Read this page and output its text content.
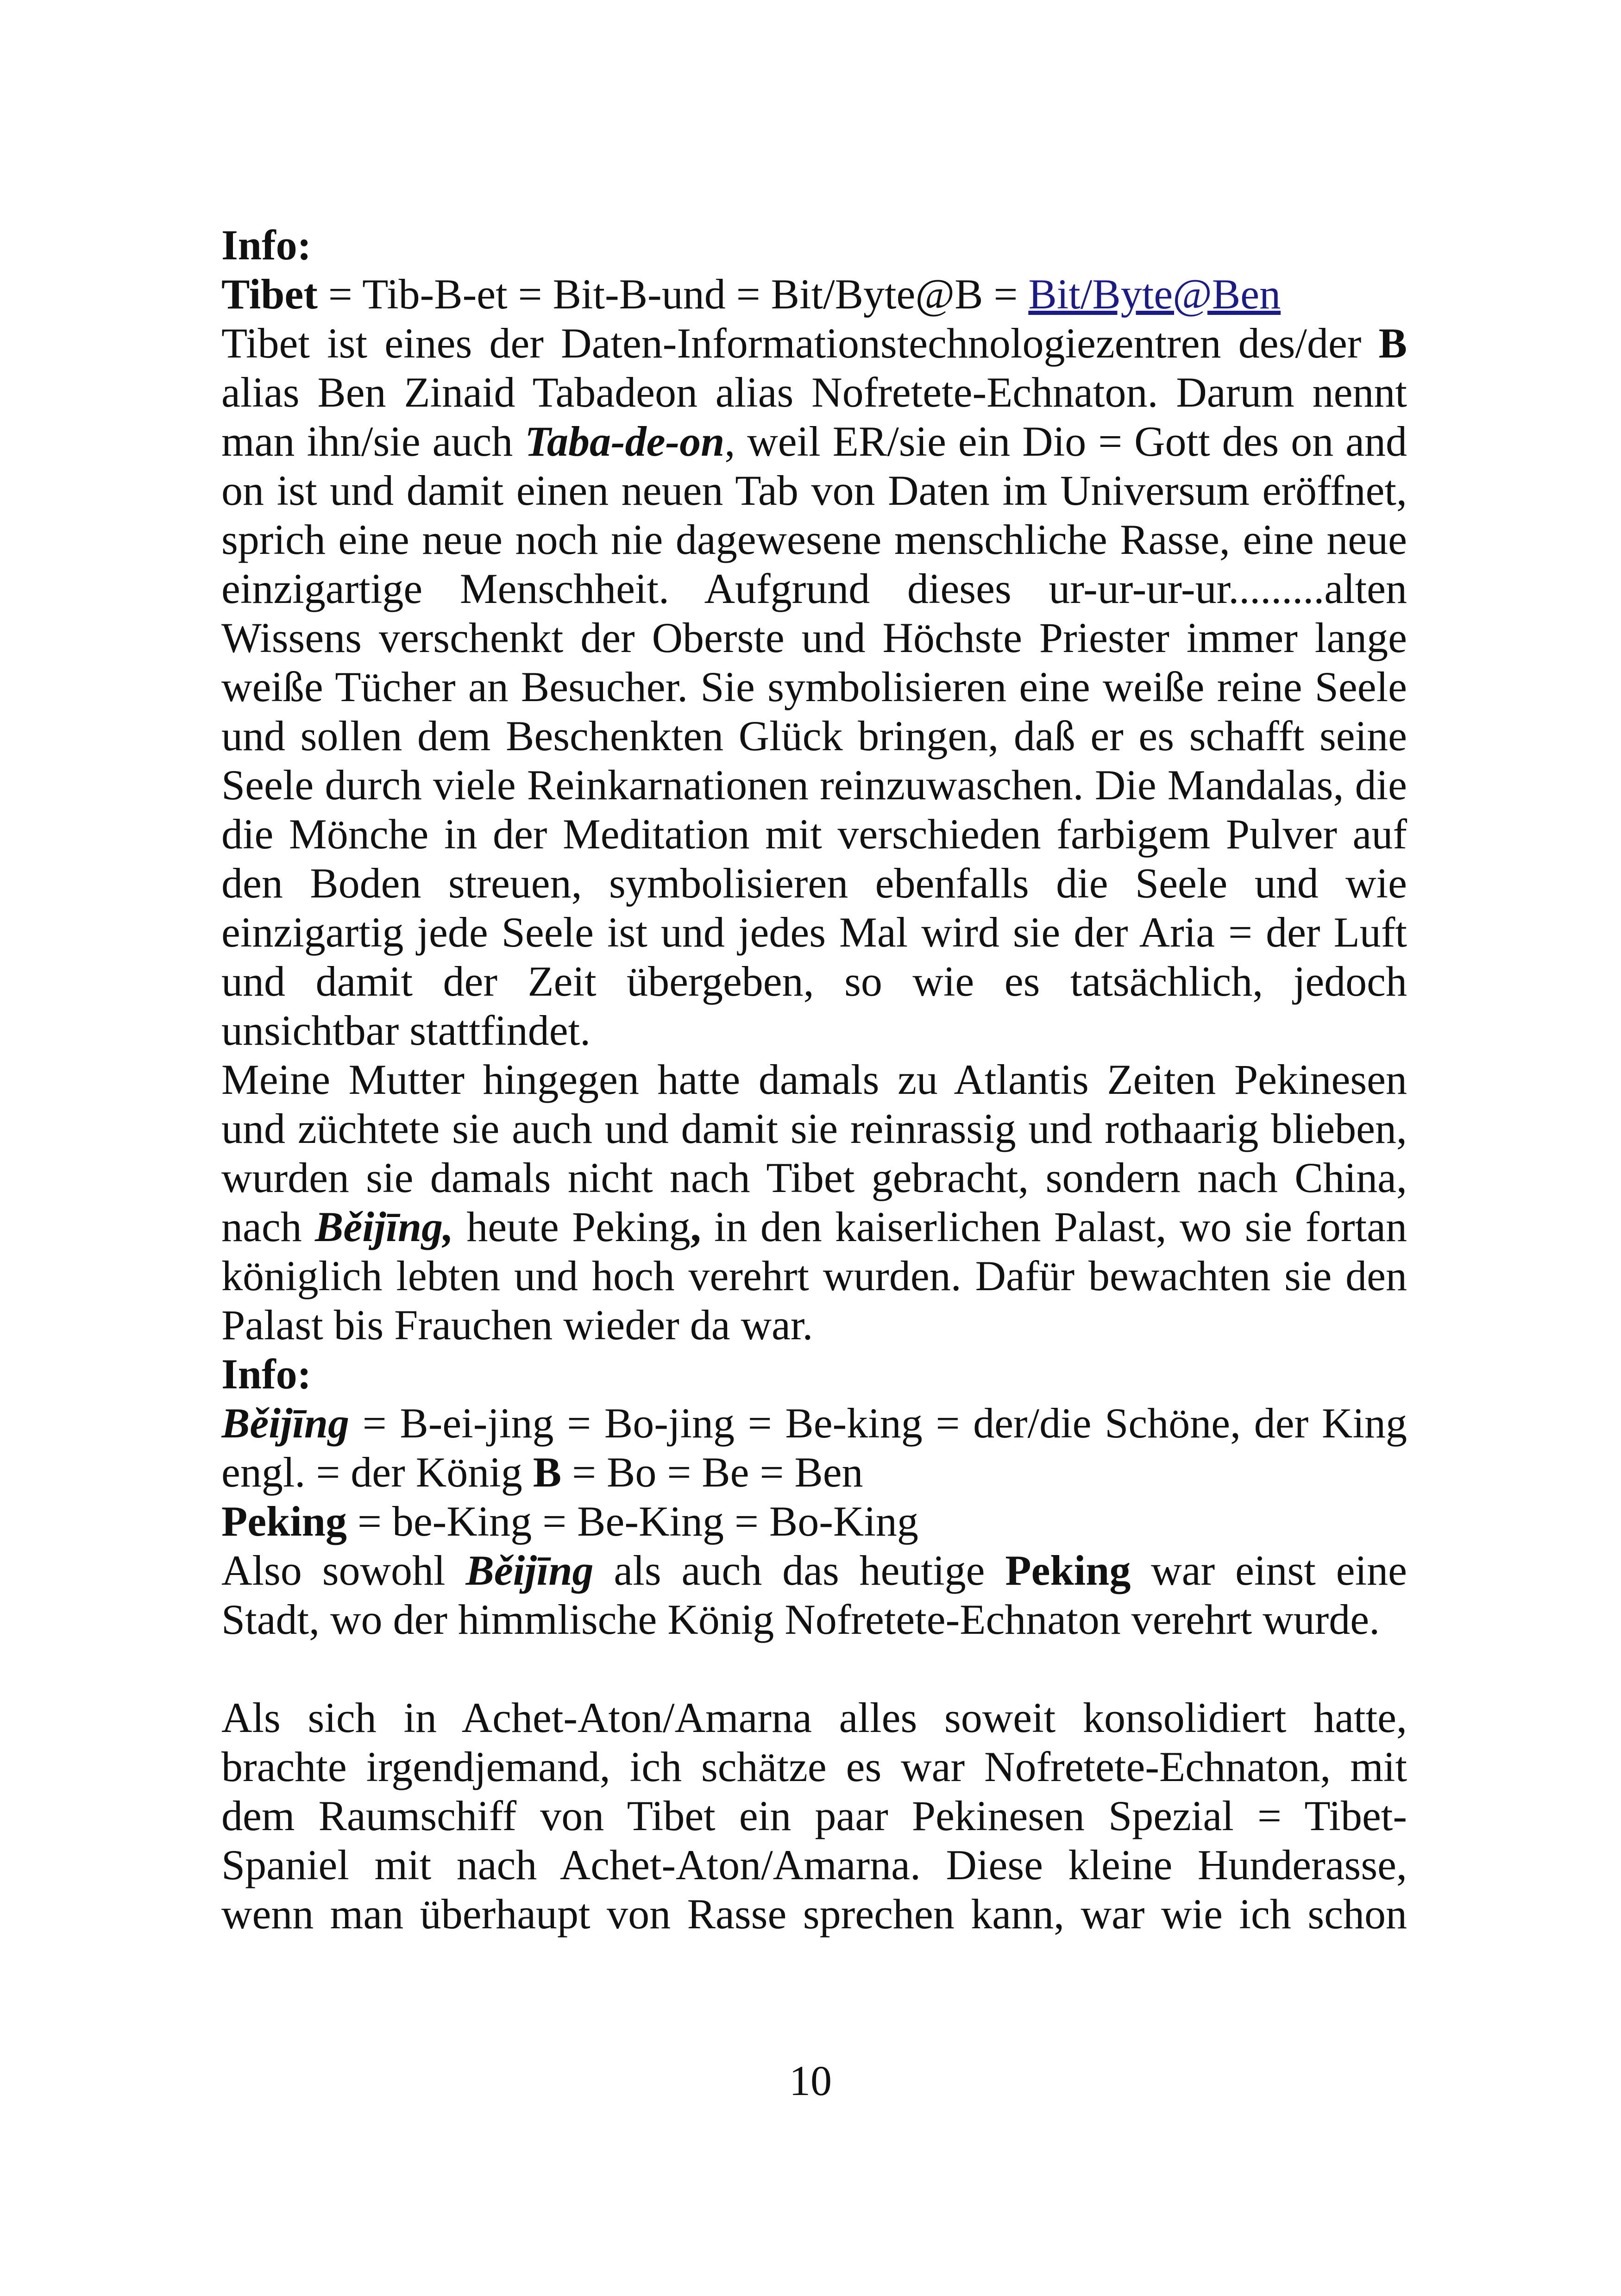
Info:
Tibet = Tib-B-et = Bit-B-und = Bit/Byte@B = Bit/Byte@Ben
Tibet ist eines der Daten-Informationstechnologiezentren des/der B
alias Ben Zinaid Tabadeon alias Nofretete-Echnaton. Darum nennt
man ihn/sie auch Taba-de-on, weil ER/sie ein Dio = Gott des on and
on ist und damit einen neuen Tab von Daten im Universum eröffnet,
sprich eine neue noch nie dagewesene menschliche Rasse, eine neue
einzigartige Menschheit. Aufgrund dieses ur-ur-ur-ur.........alten
Wissens verschenkt der Oberste und Höchste Priester immer lange
weiße Tücher an Besucher. Sie symbolisieren eine weiße reine Seele
und sollen dem Beschenkten Glück bringen, daß er es schafft seine
Seele durch viele Reinkarnationen reinzuwaschen. Die Mandalas, die
die Mönche in der Meditation mit verschieden farbigem Pulver auf
den Boden streuen, symbolisieren ebenfalls die Seele und wie
einzigartig jede Seele ist und jedes Mal wird sie der Aria = der Luft
und damit der Zeit übergeben, so wie es tatsächlich, jedoch
unsichtbar stattfindet.
Meine Mutter hingegen hatte damals zu Atlantis Zeiten Pekinesen
und züchtete sie auch und damit sie reinrassig und rothaarig blieben,
wurden sie damals nicht nach Tibet gebracht, sondern nach China,
nach Běijīng, heute Peking, in den kaiserlichen Palast, wo sie fortan
königlich lebten und hoch verehrt wurden. Dafür bewachten sie den
Palast bis Frauchen wieder da war.
Info:
Běijīng = B-ei-jing = Bo-jing = Be-king = der/die Schöne, der King
engl. = der König B = Bo = Be = Ben
Peking = be-King = Be-King = Bo-King
Also sowohl Běijīng als auch das heutige Peking war einst eine
Stadt, wo der himmlische König Nofretete-Echnaton verehrt wurde.
Als sich in Achet-Aton/Amarna alles soweit konsolidiert hatte,
brachte irgendjemand, ich schätze es war Nofretete-Echnaton, mit
dem Raumschiff von Tibet ein paar Pekinesen Spezial = Tibet-
Spaniel mit nach Achet-Aton/Amarna. Diese kleine Hunderasse,
wenn man überhaupt von Rasse sprechen kann, war wie ich schon
10
